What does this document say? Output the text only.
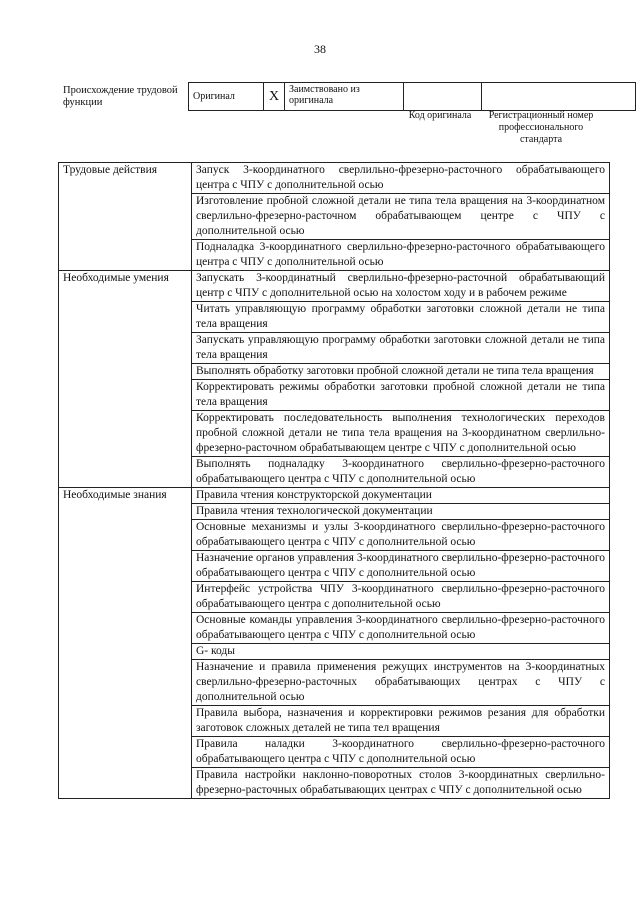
38
Происхождение трудовой функции
Оригинал	X	Заимствовано из оригинала		
Код оригинала	Регистрационный номер профессионального стандарта
Трудовые действия	Запуск 3-координатного сверлильно-фрезерно-расточного обрабатывающего центра с ЧПУ с дополнительной осью
	Изготовление пробной сложной детали не типа тела вращения на 3-координатном сверлильно-фрезерно-расточном обрабатывающем центре с ЧПУ с дополнительной осью
	Подналадка 3-координатного сверлильно-фрезерно-расточного обрабатывающего центра с ЧПУ с дополнительной осью
Необходимые умения	Запускать 3-координатный сверлильно-фрезерно-расточной обрабатывающий центр с ЧПУ с дополнительной осью на холостом ходу и в рабочем режиме
	Читать управляющую программу обработки заготовки сложной детали не типа тела вращения
	Запускать управляющую программу обработки заготовки сложной детали не типа тела вращения
	Выполнять обработку заготовки пробной сложной детали не типа тела вращения
	Корректировать режимы обработки заготовки пробной сложной детали не типа тела вращения
	Корректировать последовательность выполнения технологических переходов пробной сложной детали не типа тела вращения на 3-координатном сверлильно-фрезерно-расточном обрабатывающем центре с ЧПУ с дополнительной осью
	Выполнять подналадку 3-координатного сверлильно-фрезерно-расточного обрабатывающего центра с ЧПУ с дополнительной осью
Необходимые знания	Правила чтения конструкторской документации
	Правила чтения технологической документации
	Основные механизмы и узлы 3-координатного сверлильно-фрезерно-расточного обрабатывающего центра с ЧПУ с дополнительной осью
	Назначение органов управления 3-координатного сверлильно-фрезерно-расточного обрабатывающего центра с ЧПУ с дополнительной осью
	Интерфейс устройства ЧПУ 3-координатного сверлильно-фрезерно-расточного обрабатывающего центра с дополнительной осью
	Основные команды управления 3-координатного сверлильно-фрезерно-расточного обрабатывающего центра с ЧПУ с дополнительной осью
	G- коды
	Назначение и правила применения режущих инструментов на 3-координатных сверлильно-фрезерно-расточных обрабатывающих центрах с ЧПУ с дополнительной осью
	Правила выбора, назначения и корректировки режимов резания для обработки заготовок сложных деталей не типа тел вращения
	Правила наладки 3-координатного сверлильно-фрезерно-расточного обрабатывающего центра с ЧПУ с дополнительной осью
	Правила настройки наклонно-поворотных столов 3-координатных сверлильно-фрезерно-расточных обрабатывающих центрах с ЧПУ с дополнительной осью
